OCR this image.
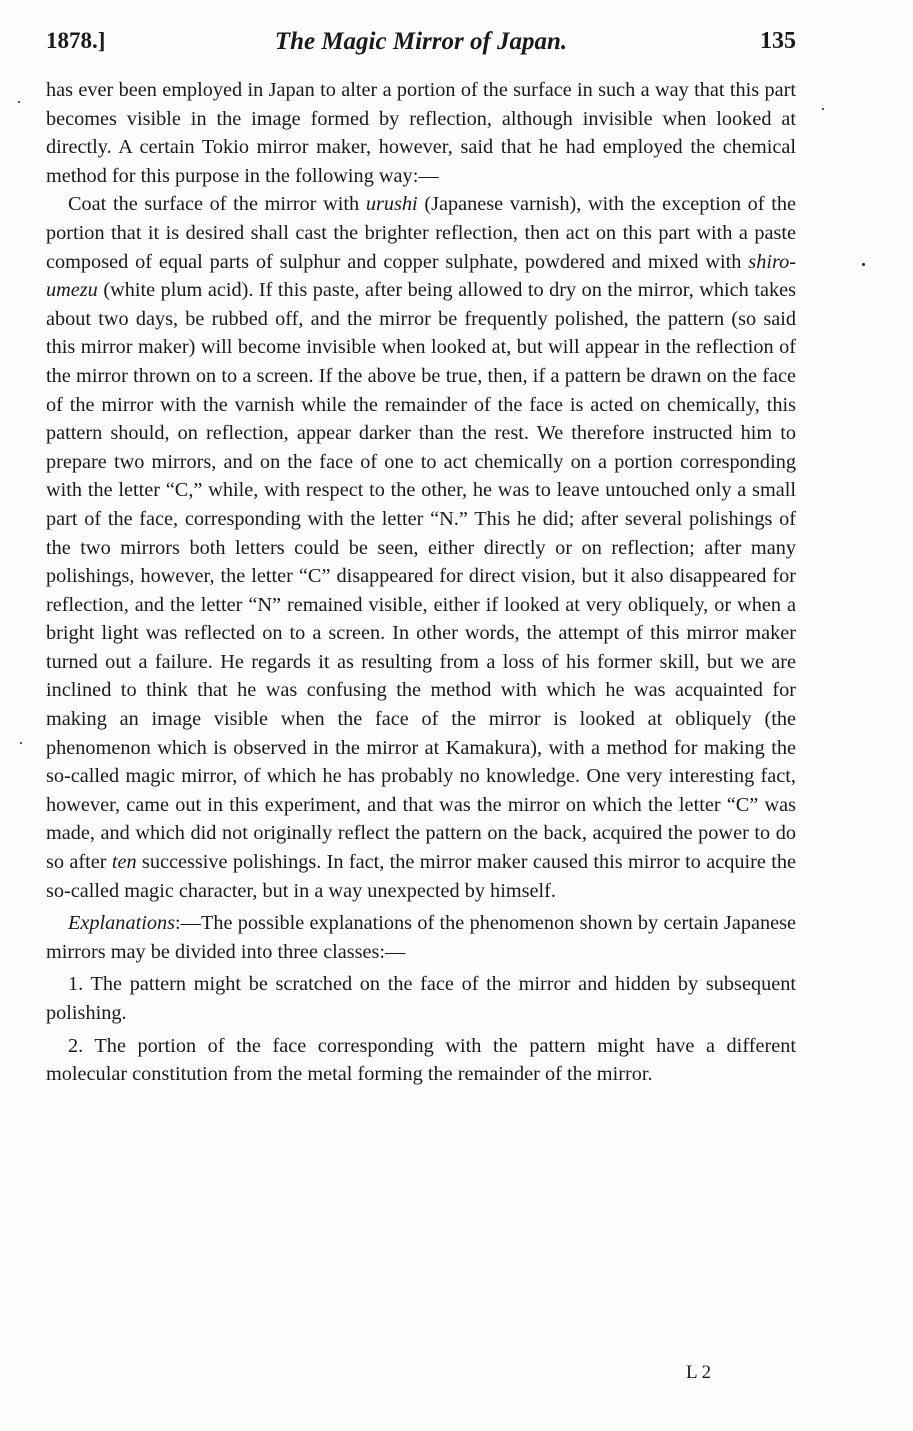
1878.]	The Magic Mirror of Japan.	135

has ever been employed in Japan to alter a portion of the surface in such a way that this part becomes visible in the image formed by reflection, although invisible when looked at directly. A certain Tokio mirror maker, however, said that he had employed the chemical method for this purpose in the following way:—

Coat the surface of the mirror with urushi (Japanese varnish), with the exception of the portion that it is desired shall cast the brighter reflection, then act on this part with a paste composed of equal parts of sulphur and copper sulphate, powdered and mixed with shiro-umezu (white plum acid). If this paste, after being allowed to dry on the mirror, which takes about two days, be rubbed off, and the mirror be frequently polished, the pattern (so said this mirror maker) will become invisible when looked at, but will appear in the reflection of the mirror thrown on to a screen. If the above be true, then, if a pattern be drawn on the face of the mirror with the varnish while the remainder of the face is acted on chemically, this pattern should, on reflection, appear darker than the rest. We therefore instructed him to prepare two mirrors, and on the face of one to act chemically on a portion corresponding with the letter “C,” while, with respect to the other, he was to leave untouched only a small part of the face, corresponding with the letter “N.” This he did; after several polishings of the two mirrors both letters could be seen, either directly or on reflection; after many polishings, however, the letter “C” disappeared for direct vision, but it also disappeared for reflection, and the letter “N” remained visible, either if looked at very obliquely, or when a bright light was reflected on to a screen. In other words, the attempt of this mirror maker turned out a failure. He regards it as resulting from a loss of his former skill, but we are inclined to think that he was confusing the method with which he was acquainted for making an image visible when the face of the mirror is looked at obliquely (the phenomenon which is observed in the mirror at Kamakura), with a method for making the so-called magic mirror, of which he has probably no knowledge. One very interesting fact, however, came out in this experiment, and that was the mirror on which the letter “C” was made, and which did not originally reflect the pattern on the back, acquired the power to do so after ten successive polishings. In fact, the mirror maker caused this mirror to acquire the so-called magic character, but in a way unexpected by himself.

Explanations:—The possible explanations of the phenomenon shown by certain Japanese mirrors may be divided into three classes:—

1. The pattern might be scratched on the face of the mirror and hidden by subsequent polishing.

2. The portion of the face corresponding with the pattern might have a different molecular constitution from the metal forming the remainder of the mirror.

L 2
